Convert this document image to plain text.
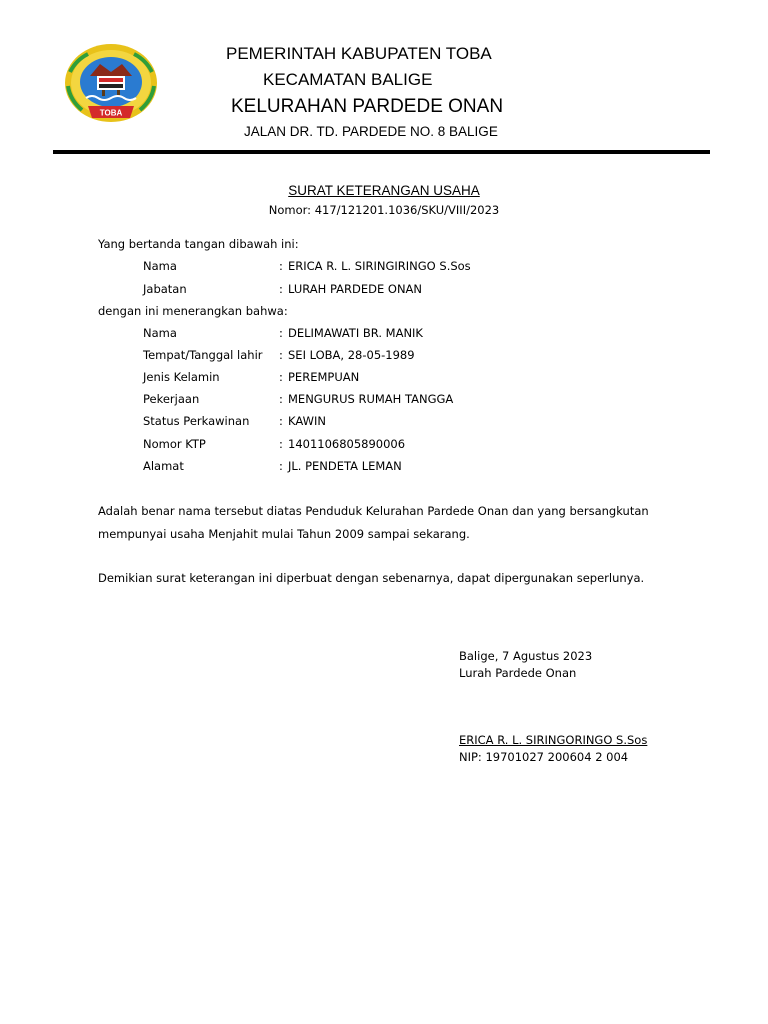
TOBA
PEMERINTAH KABUPATEN TOBA
KECAMATAN BALIGE
KELURAHAN PARDEDE ONAN
JALAN DR. TD. PARDEDE NO. 8 BALIGE
SURAT KETERANGAN USAHA
Nomor: 417/121201.1036/SKU/VIII/2023
Yang bertanda tangan dibawah ini:
Nama	: ERICA R. L. SIRINGIRINGO S.Sos
Jabatan	: LURAH PARDEDE ONAN
dengan ini menerangkan bahwa:
Nama	: DELIMAWATI BR. MANIK
Tempat/Tanggal lahir : SEI LOBA, 28-05-1989
Jenis Kelamin	: PEREMPUAN
Pekerjaan	: MENGURUS RUMAH TANGGA
Status Perkawinan	: KAWIN
Nomor KTP	: 1401106805890006
Alamat	: JL. PENDETA LEMAN
Adalah benar nama tersebut diatas Penduduk Kelurahan Pardede Onan dan yang bersangkutan
mempunyai usaha Menjahit mulai Tahun 2009 sampai sekarang.
Demikian surat keterangan ini diperbuat dengan sebenarnya, dapat dipergunakan seperlunya.
Balige, 7 Agustus 2023
Lurah Pardede Onan
ERICA R. L. SIRINGORINGO S.Sos
NIP: 19701027 200604 2 004
